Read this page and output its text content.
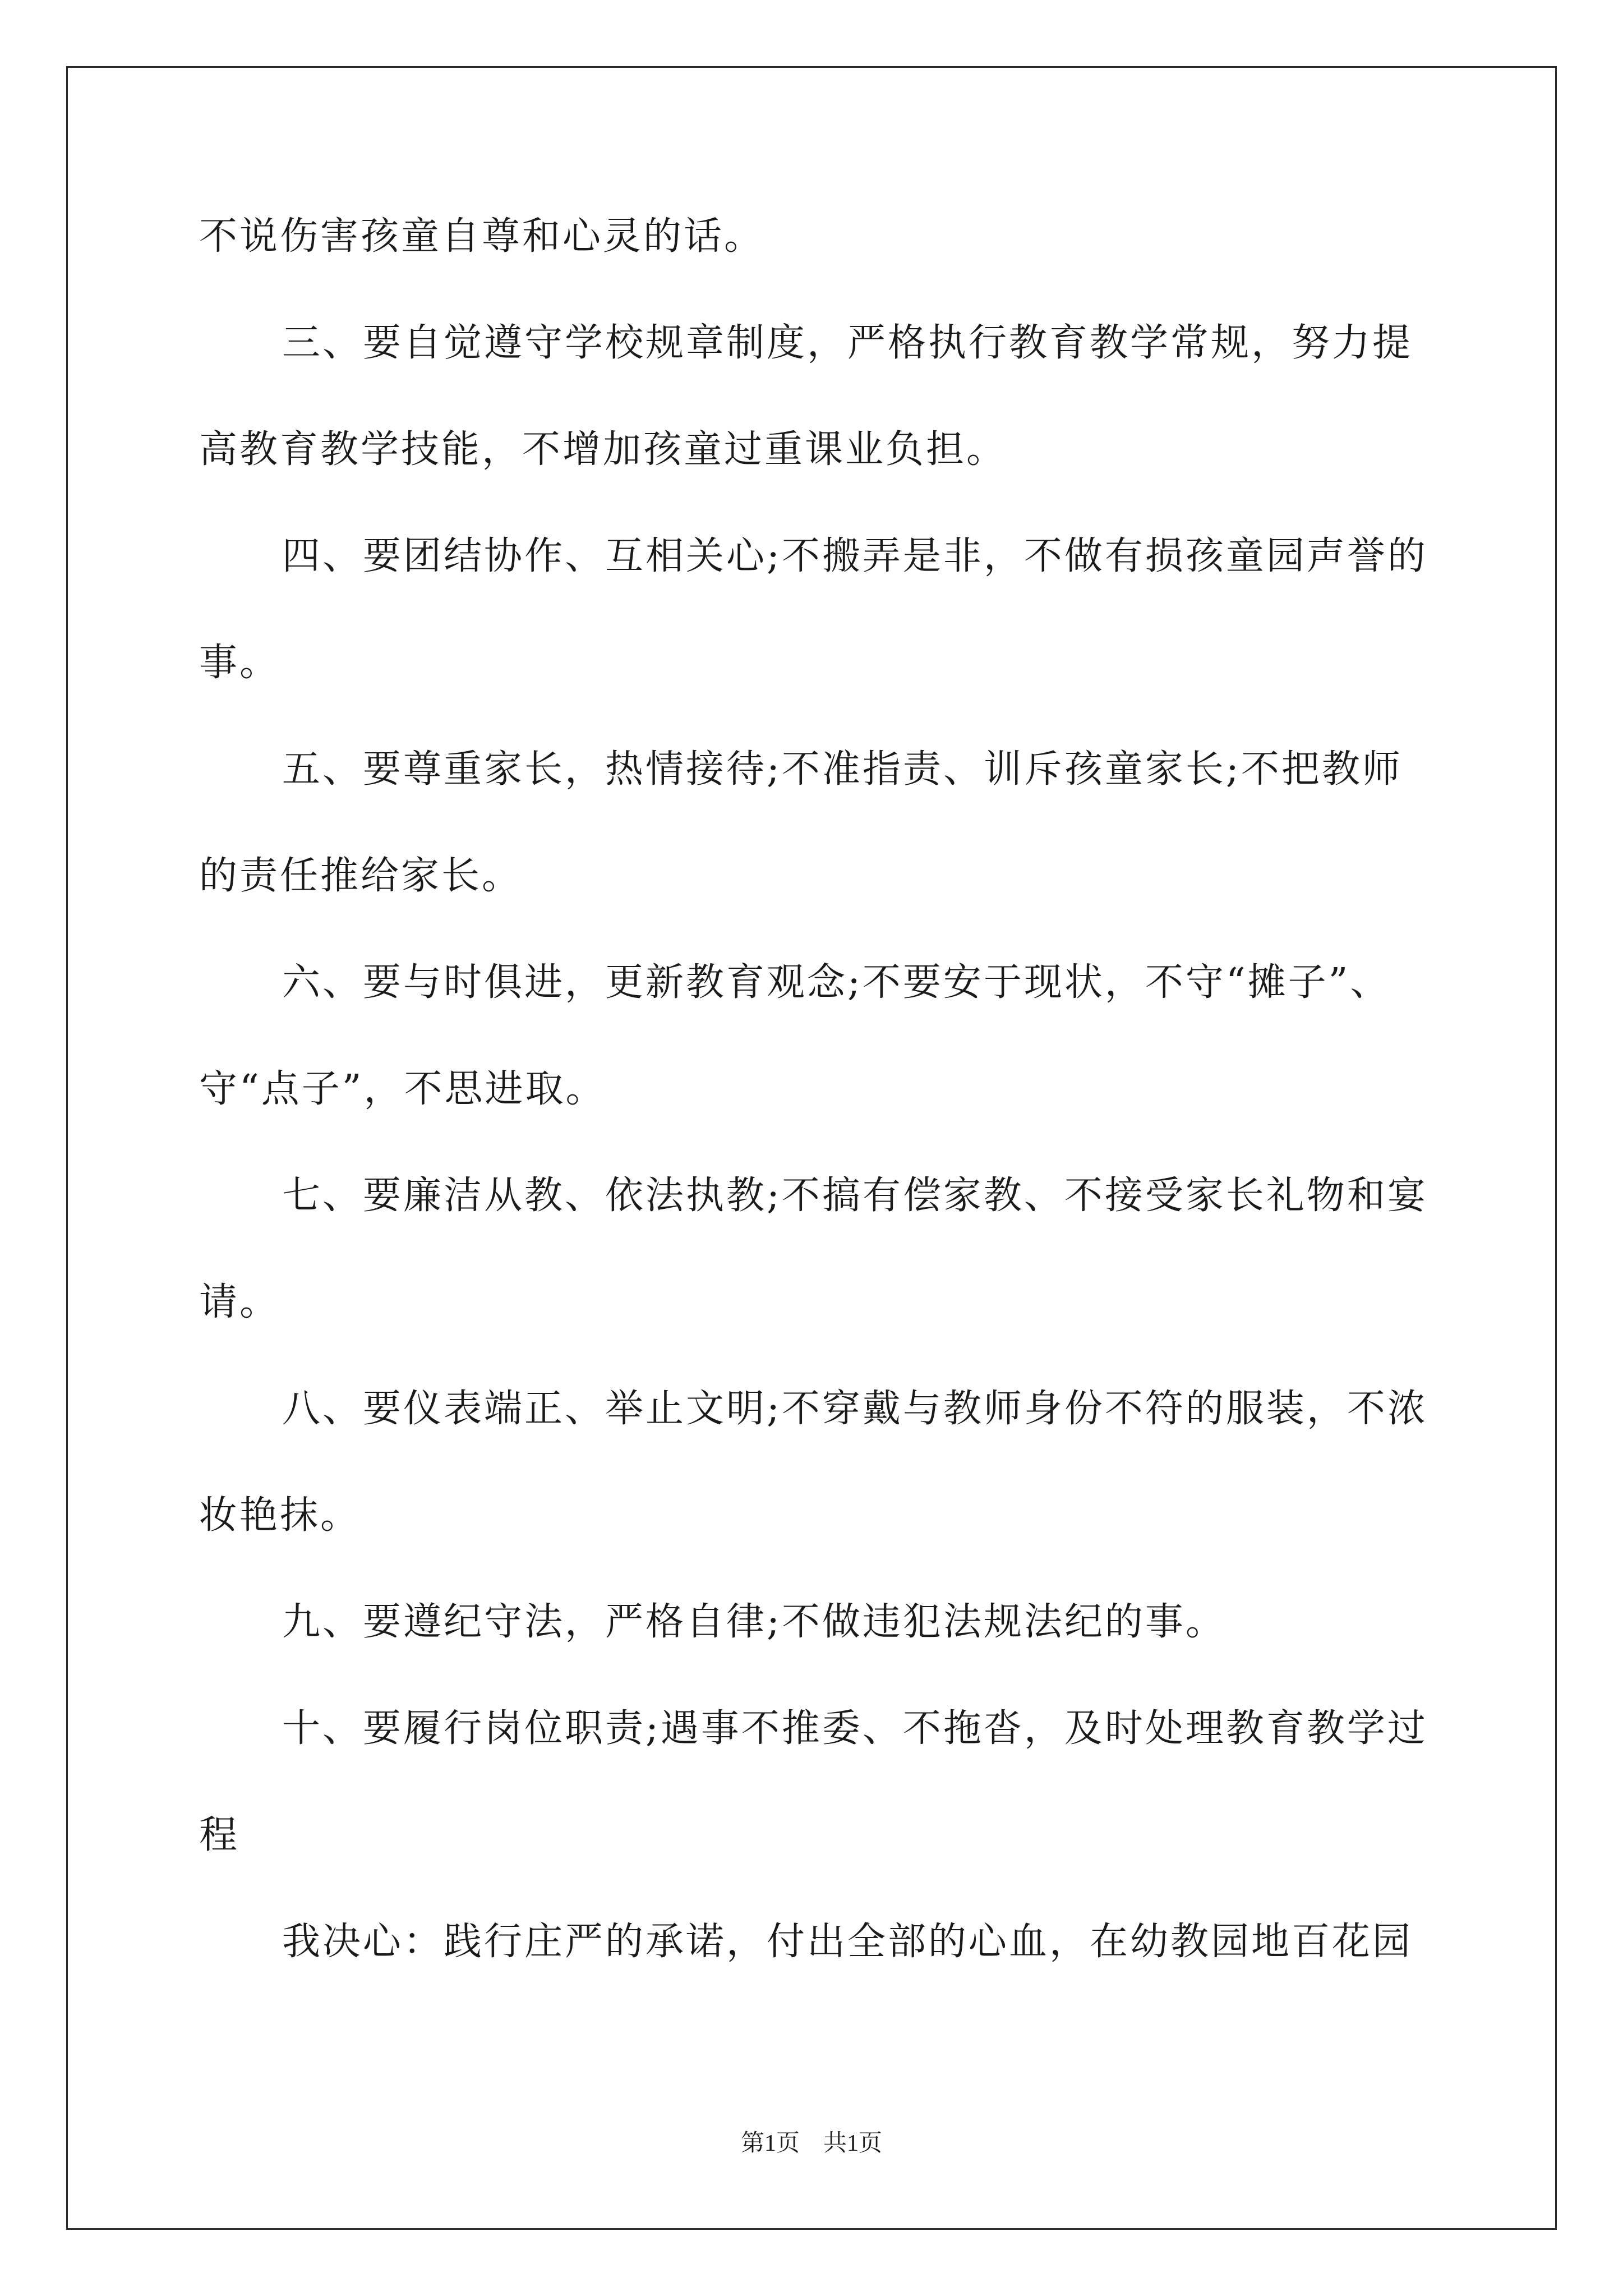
不说伤害孩童自尊和心灵的话。

三、要自觉遵守学校规章制度，严格执行教育教学常规，努力提

高教育教学技能，不增加孩童过重课业负担。

四、要团结协作、互相关心;不搬弄是非，不做有损孩童园声誉的

事。

五、要尊重家长，热情接待;不准指责、训斥孩童家长;不把教师

的责任推给家长。

六、要与时俱进，更新教育观念;不要安于现状，不守“摊子”、

守“点子”，不思进取。

七、要廉洁从教、依法执教;不搞有偿家教、不接受家长礼物和宴

请。

八、要仪表端正、举止文明;不穿戴与教师身份不符的服装，不浓

妆艳抹。

九、要遵纪守法，严格自律;不做违犯法规法纪的事。

十、要履行岗位职责;遇事不推委、不拖沓，及时处理教育教学过

程

我决心：践行庄严的承诺，付出全部的心血，在幼教园地百花园

第1页　共1页
